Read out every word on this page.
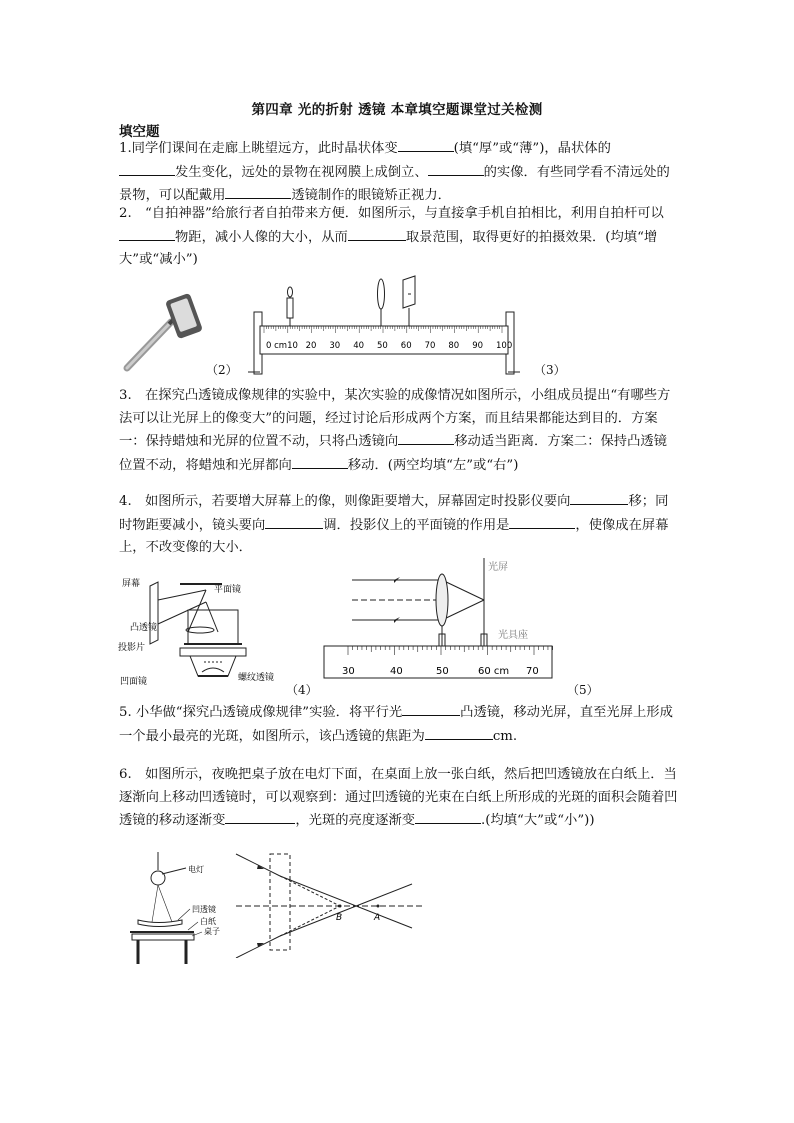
第四章 光的折射 透镜 本章填空题课堂过关检测
填空题
1.同学们课间在走廊上眺望远方，此时晶状体变	(填“厚”或“薄”)，晶状体的
发生变化，远处的景物在视网膜上成倒立、	的实像．有些同学看不清远处的景物，可以配戴用	透镜制作的眼镜矫正视力．
2.　“自拍神器”给旅行者自拍带来方便．如图所示，与直接拿手机自拍相比，利用自拍杆可以物距，减小人像的大小，从而	取景范围，取得更好的拍摄效果．(均填“增大”或“减小”)
（2）
0 cm10 20 30 40 50 60 70 80 90 100
（3）
3.　在探究凸透镜成像规律的实验中，某次实验的成像情况如图所示，小组成员提出“有哪些方法可以让光屏上的像变大”的问题，经过讨论后形成两个方案，而且结果都能达到目的．方案一：保持蜡烛和光屏的位置不动，只将凸透镜向	移动适当距离．方案二：保持凸透镜位置不动，将蜡烛和光屏都向	移动．(两空均填“左”或“右”)
4.　如图所示，若要增大屏幕上的像，则像距要增大，屏幕固定时投影仪要向	移；同时物距要减小，镜头要向	调．投影仪上的平面镜的作用是	，使像成在屏幕上，不改变像的大小．
屏幕
平面镜
凸透镜
投影片
凹面镜	螺纹透镜
（4）
光屏
光具座
30	40	50	60 cm 70
（5）
5. 小华做“探究凸透镜成像规律”实验．将平行光	凸透镜，移动光屏，直至光屏上形成一个最小最亮的光斑，如图所示，该凸透镜的焦距为	cm.
6.　如图所示，夜晚把桌子放在电灯下面，在桌面上放一张白纸，然后把凹透镜放在白纸上．当逐渐向上移动凹透镜时，可以观察到：通过凹透镜的光束在白纸上所形成的光斑的面积会随着凹透镜的移动逐渐变	，光斑的亮度逐渐变	.(均填“大”或“小”))
电灯
凹透镜
白纸
桌子
B	A
